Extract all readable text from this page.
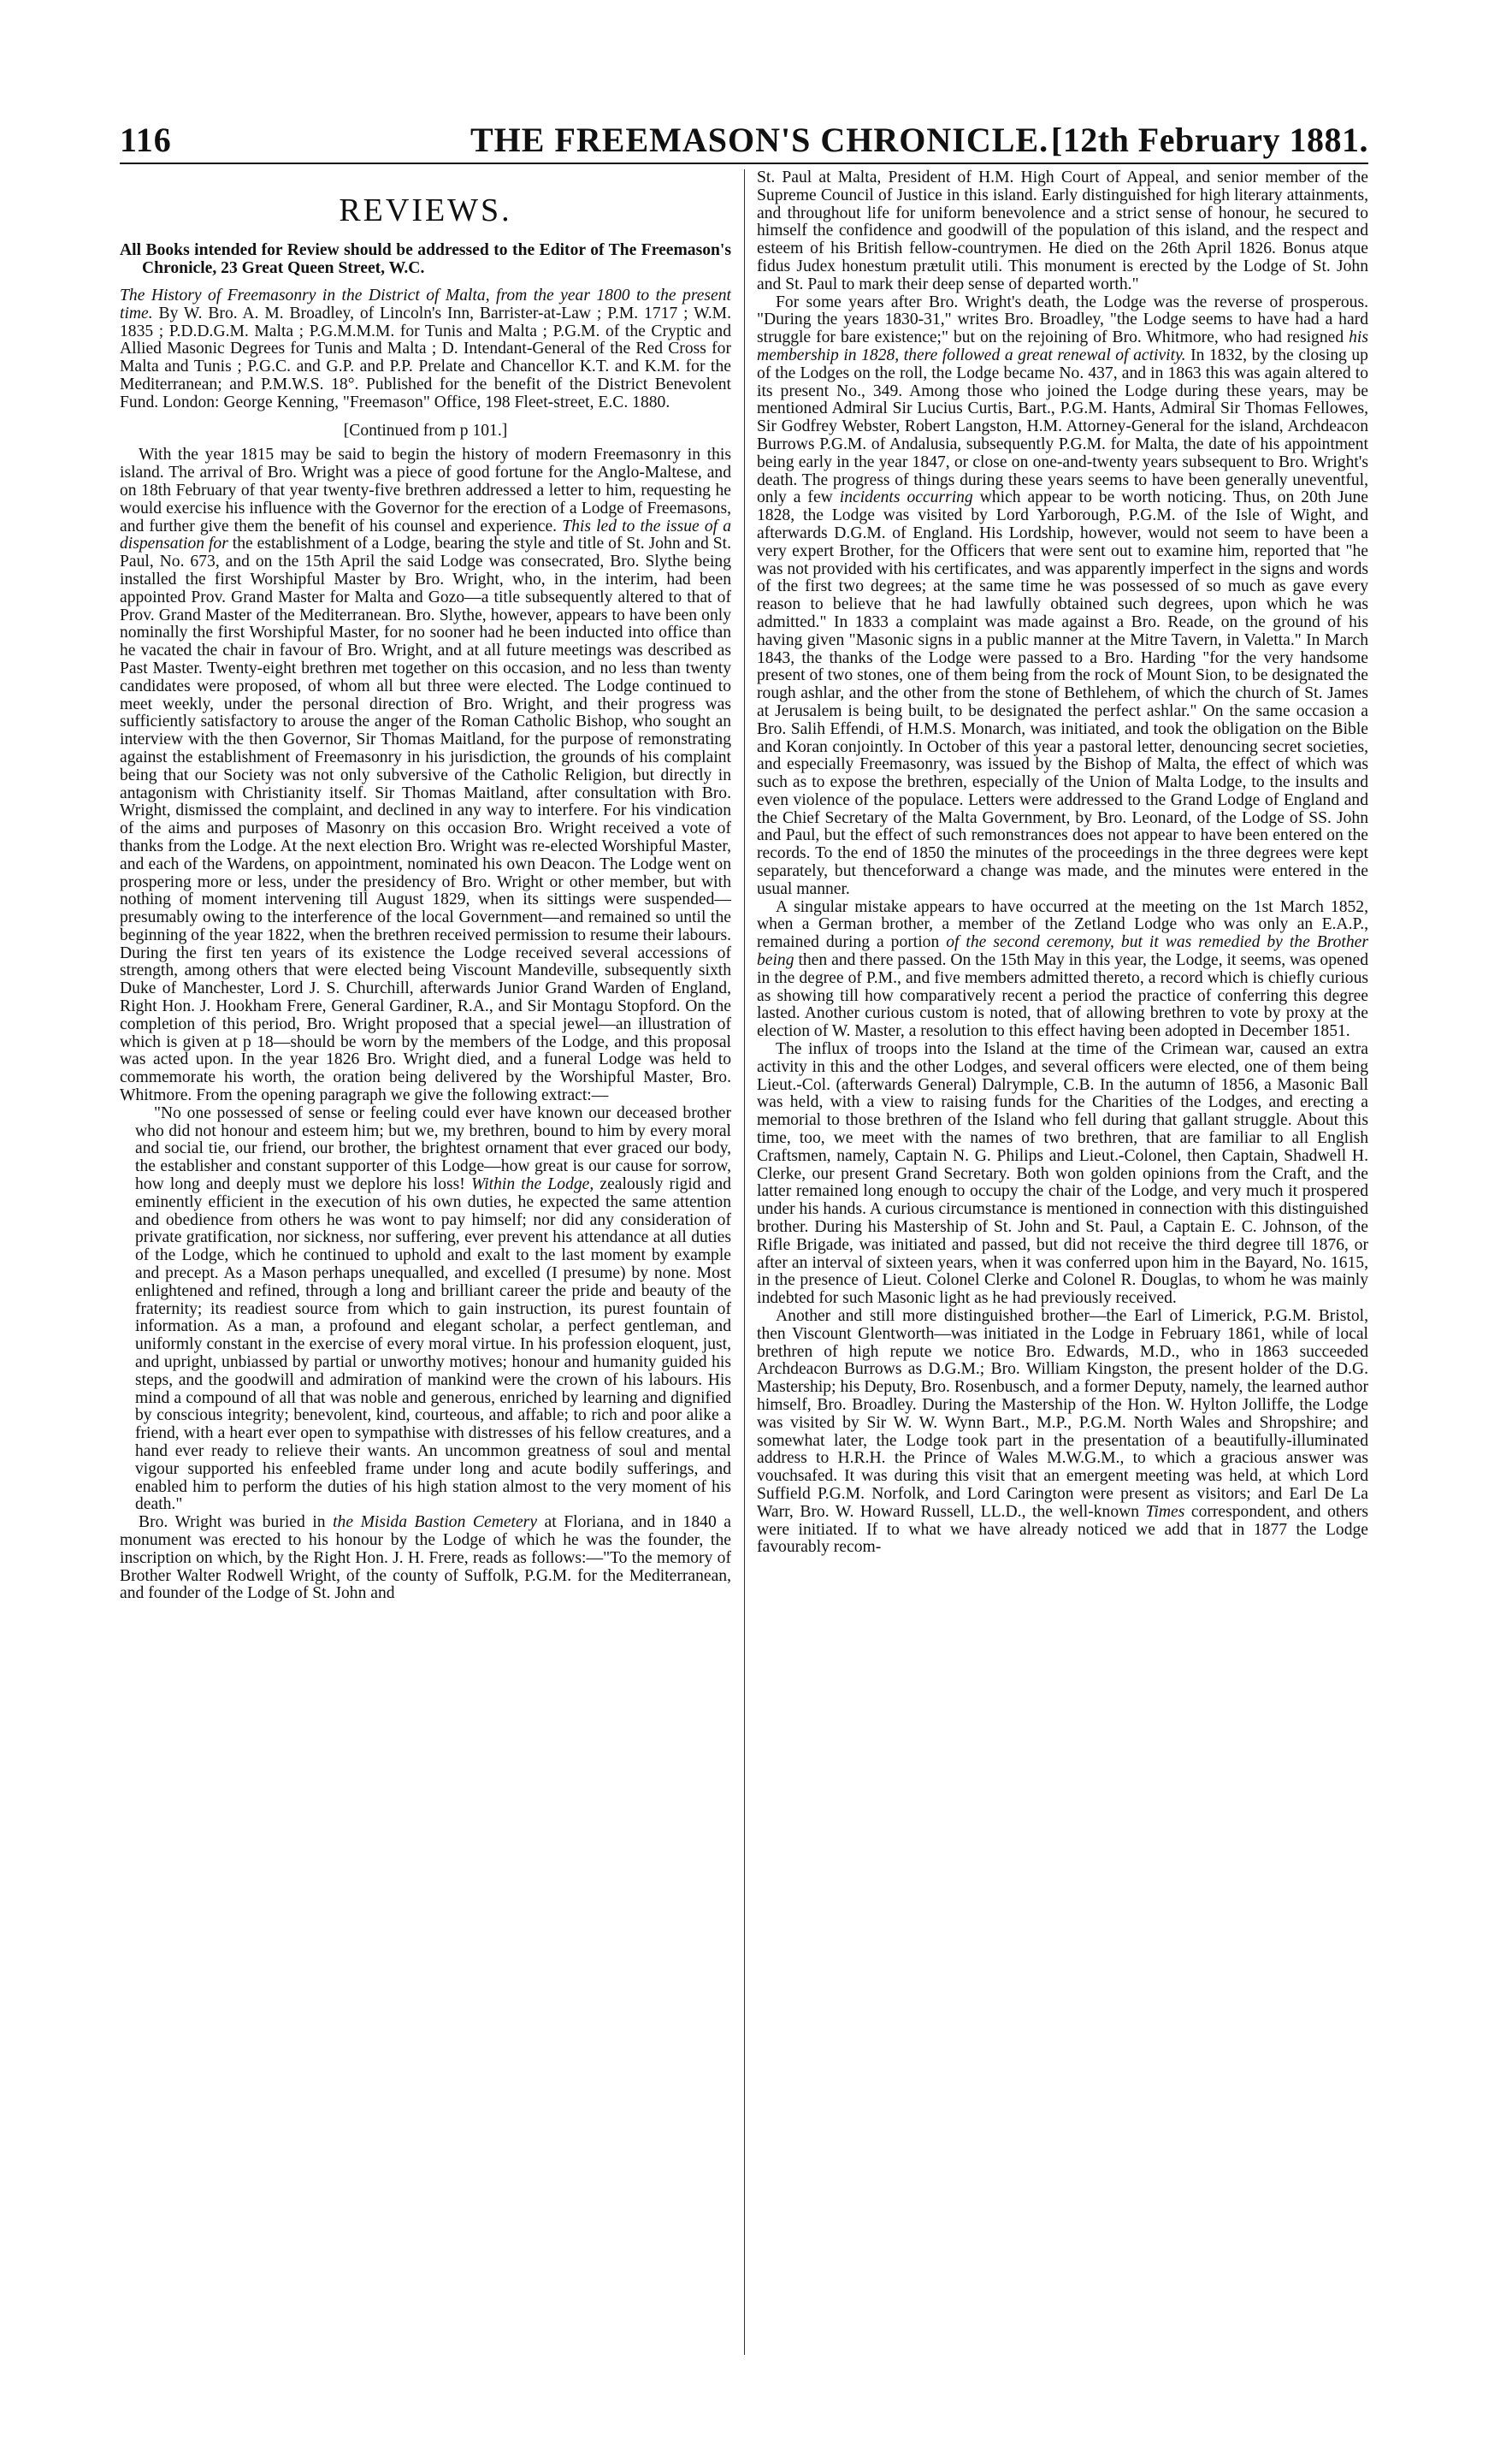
116	THE FREEMASON'S CHRONICLE. [12th February 1881.
REVIEWS.
All Books intended for Review should be addressed to the Editor of The Freemason's Chronicle, 23 Great Queen Street, W.C.
The History of Freemasonry in the District of Malta, from the year 1800 to the present time. By W. Bro. A. M. Broadley, of Lincoln's Inn, Barrister-at-Law ; P.M. 1717 ; W.M. 1835 ; P.D.D.G.M. Malta ; P.G.M.M.M. for Tunis and Malta ; P.G.M. of the Cryptic and Allied Masonic Degrees for Tunis and Malta ; D. Intendant-General of the Red Cross for Malta and Tunis ; P.G.C. and G.P. and P.P. Prelate and Chancellor K.T. and K.M. for the Mediterranean; and P.M.W.S. 18°. Published for the benefit of the District Benevolent Fund. London: George Kenning, "Freemason" Office, 198 Fleet-street, E.C. 1880.
[Continued from p 101.]

With the year 1815 may be said to begin the history of modern Freemasonry in this island. The arrival of Bro. Wright was a piece of good fortune for the Anglo-Maltese, and on 18th February of that year twenty-five brethren addressed a letter to him, requesting he would exercise his influence with the Governor for the erection of a Lodge of Freemasons, and further give them the benefit of his counsel and experience. This led to the issue of a dispensation for the establishment of a Lodge, bearing the style and title of St. John and St. Paul, No. 673, and on the 15th April the said Lodge was consecrated, Bro. Slythe being installed the first Worshipful Master by Bro. Wright, who, in the interim, had been appointed Prov. Grand Master for Malta and Gozo—a title subsequently altered to that of Prov. Grand Master of the Mediterranean. Bro. Slythe, however, appears to have been only nominally the first Worshipful Master, for no sooner had he been inducted into office than he vacated the chair in favour of Bro. Wright, and at all future meetings was described as Past Master. Twenty-eight brethren met together on this occasion, and no less than twenty candidates were proposed, of whom all but three were elected. The Lodge continued to meet weekly, under the personal direction of Bro. Wright, and their progress was sufficiently satisfactory to arouse the anger of the Roman Catholic Bishop, who sought an interview with the then Governor, Sir Thomas Maitland, for the purpose of remonstrating against the establishment of Freemasonry in his jurisdiction, the grounds of his complaint being that our Society was not only subversive of the Catholic Religion, but directly in antagonism with Christianity itself. Sir Thomas Maitland, after consultation with Bro. Wright, dismissed the complaint, and declined in any way to interfere. For his vindication of the aims and purposes of Masonry on this occasion Bro. Wright received a vote of thanks from the Lodge. At the next election Bro. Wright was re-elected Worshipful Master, and each of the Wardens, on appointment, nominated his own Deacon. The Lodge went on prospering more or less, under the presidency of Bro. Wright or other member, but with nothing of moment intervening till August 1829, when its sittings were suspended—presumably owing to the interference of the local Government—and remained so until the beginning of the year 1822, when the brethren received permission to resume their labours. During the first ten years of its existence the Lodge received several accessions of strength, among others that were elected being Viscount Mandeville, subsequently sixth Duke of Manchester, Lord J. S. Churchill, afterwards Junior Grand Warden of England, Right Hon. J. Hookham Frere, General Gardiner, R.A., and Sir Montagu Stopford. On the completion of this period, Bro. Wright proposed that a special jewel—an illustration of which is given at p 18—should be worn by the members of the Lodge, and this proposal was acted upon. In the year 1826 Bro. Wright died, and a funeral Lodge was held to commemorate his worth, the oration being delivered by the Worshipful Master, Bro. Whitmore. From the opening paragraph we give the following extract:—

"No one possessed of sense or feeling could ever have known our deceased brother who did not honour and esteem him; but we, my brethren, bound to him by every moral and social tie, our friend, our brother, the brightest ornament that ever graced our body, the establisher and constant supporter of this Lodge—how great is our cause for sorrow, how long and deeply must we deplore his loss! Within the Lodge, zealously rigid and eminently efficient in the execution of his own duties, he expected the same attention and obedience from others he was wont to pay himself; nor did any consideration of private gratification, nor sickness, nor suffering, ever prevent his attendance at all duties of the Lodge, which he continued to uphold and exalt to the last moment by example and precept. As a Mason perhaps unequalled, and excelled (I presume) by none. Most enlightened and refined, through a long and brilliant career the pride and beauty of the fraternity; its readiest source from which to gain instruction, its purest fountain of information. As a man, a profound and elegant scholar, a perfect gentleman, and uniformly constant in the exercise of every moral virtue. In his profession eloquent, just, and upright, unbiassed by partial or unworthy motives; honour and humanity guided his steps, and the goodwill and admiration of mankind were the crown of his labours. His mind a compound of all that was noble and generous, enriched by learning and dignified by conscious integrity; benevolent, kind, courteous, and affable; to rich and poor alike a friend, with a heart ever open to sympathise with distresses of his fellow creatures, and a hand ever ready to relieve their wants. An uncommon greatness of soul and mental vigour supported his enfeebled frame under long and acute bodily sufferings, and enabled him to perform the duties of his high station almost to the very moment of his death."

Bro. Wright was buried in the Misida Bastion Cemetery at Floriana, and in 1840 a monument was erected to his honour by the Lodge of which he was the founder, the inscription on which, by the Right Hon. J. H. Frere, reads as follows:—"To the memory of Brother Walter Rodwell Wright, of the county of Suffolk, P.G.M. for the Mediterranean, and founder of the Lodge of St. John and

St. Paul at Malta, President of H.M. High Court of Appeal, and senior member of the Supreme Council of Justice in this island. Early distinguished for high literary attainments, and throughout life for uniform benevolence and a strict sense of honour, he secured to himself the confidence and goodwill of the population of this island, and the respect and esteem of his British fellow-countrymen. He died on the 26th April 1826. Bonus atque fidus Judex honestum prætulit utili. This monument is erected by the Lodge of St. John and St. Paul to mark their deep sense of departed worth."

For some years after Bro. Wright's death, the Lodge was the reverse of prosperous. "During the years 1830-31," writes Bro. Broadley, "the Lodge seems to have had a hard struggle for bare existence;" but on the rejoining of Bro. Whitmore, who had resigned his membership in 1828, there followed a great renewal of activity. In 1832, by the closing up of the Lodges on the roll, the Lodge became No. 437, and in 1863 this was again altered to its present No., 349. Among those who joined the Lodge during these years, may be mentioned Admiral Sir Lucius Curtis, Bart., P.G.M. Hants, Admiral Sir Thomas Fellowes, Sir Godfrey Webster, Robert Langston, H.M. Attorney-General for the island, Archdeacon Burrows P.G.M. of Andalusia, subsequently P.G.M. for Malta, the date of his appointment being early in the year 1847, or close on one-and-twenty years subsequent to Bro. Wright's death. The progress of things during these years seems to have been generally uneventful, only a few incidents occurring which appear to be worth noticing. Thus, on 20th June 1828, the Lodge was visited by Lord Yarborough, P.G.M. of the Isle of Wight, and afterwards D.G.M. of England. His Lordship, however, would not seem to have been a very expert Brother, for the Officers that were sent out to examine him, reported that "he was not provided with his certificates, and was apparently imperfect in the signs and words of the first two degrees; at the same time he was possessed of so much as gave every reason to believe that he had lawfully obtained such degrees, upon which he was admitted." In 1833 a complaint was made against a Bro. Reade, on the ground of his having given "Masonic signs in a public manner at the Mitre Tavern, in Valetta." In March 1843, the thanks of the Lodge were passed to a Bro. Harding "for the very handsome present of two stones, one of them being from the rock of Mount Sion, to be designated the rough ashlar, and the other from the stone of Bethlehem, of which the church of St. James at Jerusalem is being built, to be designated the perfect ashlar." On the same occasion a Bro. Salih Effendi, of H.M.S. Monarch, was initiated, and took the obligation on the Bible and Koran conjointly. In October of this year a pastoral letter, denouncing secret societies, and especially Freemasonry, was issued by the Bishop of Malta, the effect of which was such as to expose the brethren, especially of the Union of Malta Lodge, to the insults and even violence of the populace. Letters were addressed to the Grand Lodge of England and the Chief Secretary of the Malta Government, by Bro. Leonard, of the Lodge of SS. John and Paul, but the effect of such remonstrances does not appear to have been entered on the records. To the end of 1850 the minutes of the proceedings in the three degrees were kept separately, but thenceforward a change was made, and the minutes were entered in the usual manner.

A singular mistake appears to have occurred at the meeting on the 1st March 1852, when a German brother, a member of the Zetland Lodge who was only an E.A.P., remained during a portion of the second ceremony, but it was remedied by the Brother being then and there passed. On the 15th May in this year, the Lodge, it seems, was opened in the degree of P.M., and five members admitted thereto, a record which is chiefly curious as showing till how comparatively recent a period the practice of conferring this degree lasted. Another curious custom is noted, that of allowing brethren to vote by proxy at the election of W. Master, a resolution to this effect having been adopted in December 1851.

The influx of troops into the Island at the time of the Crimean war, caused an extra activity in this and the other Lodges, and several officers were elected, one of them being Lieut.-Col. (afterwards General) Dalrymple, C.B. In the autumn of 1856, a Masonic Ball was held, with a view to raising funds for the Charities of the Lodges, and erecting a memorial to those brethren of the Island who fell during that gallant struggle. About this time, too, we meet with the names of two brethren, that are familiar to all English Craftsmen, namely, Captain N. G. Philips and Lieut.-Colonel, then Captain, Shadwell H. Clerke, our present Grand Secretary. Both won golden opinions from the Craft, and the latter remained long enough to occupy the chair of the Lodge, and very much it prospered under his hands. A curious circumstance is mentioned in connection with this distinguished brother. During his Mastership of St. John and St. Paul, a Captain E. C. Johnson, of the Rifle Brigade, was initiated and passed, but did not receive the third degree till 1876, or after an interval of sixteen years, when it was conferred upon him in the Bayard, No. 1615, in the presence of Lieut. Colonel Clerke and Colonel R. Douglas, to whom he was mainly indebted for such Masonic light as he had previously received.

Another and still more distinguished brother—the Earl of Limerick, P.G.M. Bristol, then Viscount Glentworth—was initiated in the Lodge in February 1861, while of local brethren of high repute we notice Bro. Edwards, M.D., who in 1863 succeeded Archdeacon Burrows as D.G.M.; Bro. William Kingston, the present holder of the D.G. Mastership; his Deputy, Bro. Rosenbusch, and a former Deputy, namely, the learned author himself, Bro. Broadley. During the Mastership of the Hon. W. Hylton Jolliffe, the Lodge was visited by Sir W. W. Wynn Bart., M.P., P.G.M. North Wales and Shropshire; and somewhat later, the Lodge took part in the presentation of a beautifully-illuminated address to H.R.H. the Prince of Wales M.W.G.M., to which a gracious answer was vouchsafed. It was during this visit that an emergent meeting was held, at which Lord Suffield P.G.M. Norfolk, and Lord Carington were present as visitors; and Earl De La Warr, Bro. W. Howard Russell, LL.D., the well-known Times correspondent, and others were initiated. If to what we have already noticed we add that in 1877 the Lodge favourably recom-
